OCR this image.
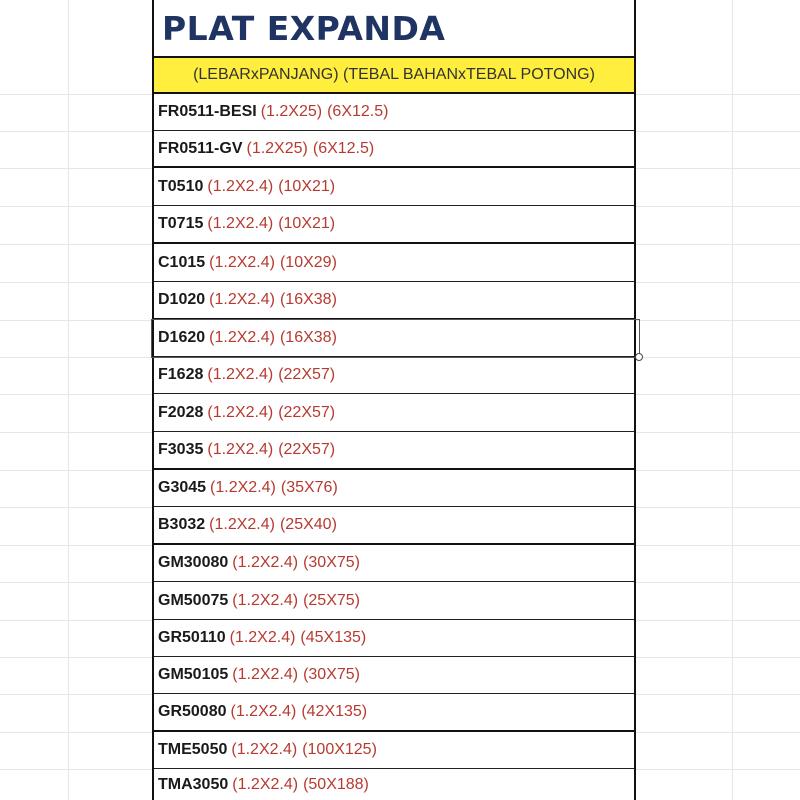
PLAT EXPANDA
(LEBARxPANJANG) (TEBAL BAHANxTEBAL POTONG)
FR0511-BESI (1.2X25) (6X12.5)
FR0511-GV (1.2X25) (6X12.5)
T0510 (1.2X2.4) (10X21)
T0715 (1.2X2.4) (10X21)
C1015 (1.2X2.4) (10X29)
D1020 (1.2X2.4) (16X38)
D1620 (1.2X2.4) (16X38)
F1628 (1.2X2.4) (22X57)
F2028 (1.2X2.4) (22X57)
F3035 (1.2X2.4) (22X57)
G3045 (1.2X2.4) (35X76)
B3032 (1.2X2.4) (25X40)
GM30080 (1.2X2.4) (30X75)
GM50075 (1.2X2.4) (25X75)
GR50110 (1.2X2.4) (45X135)
GM50105 (1.2X2.4) (30X75)
GR50080 (1.2X2.4) (42X135)
TME5050 (1.2X2.4) (100X125)
TMA3050 (1.2X2.4) (50X188)
